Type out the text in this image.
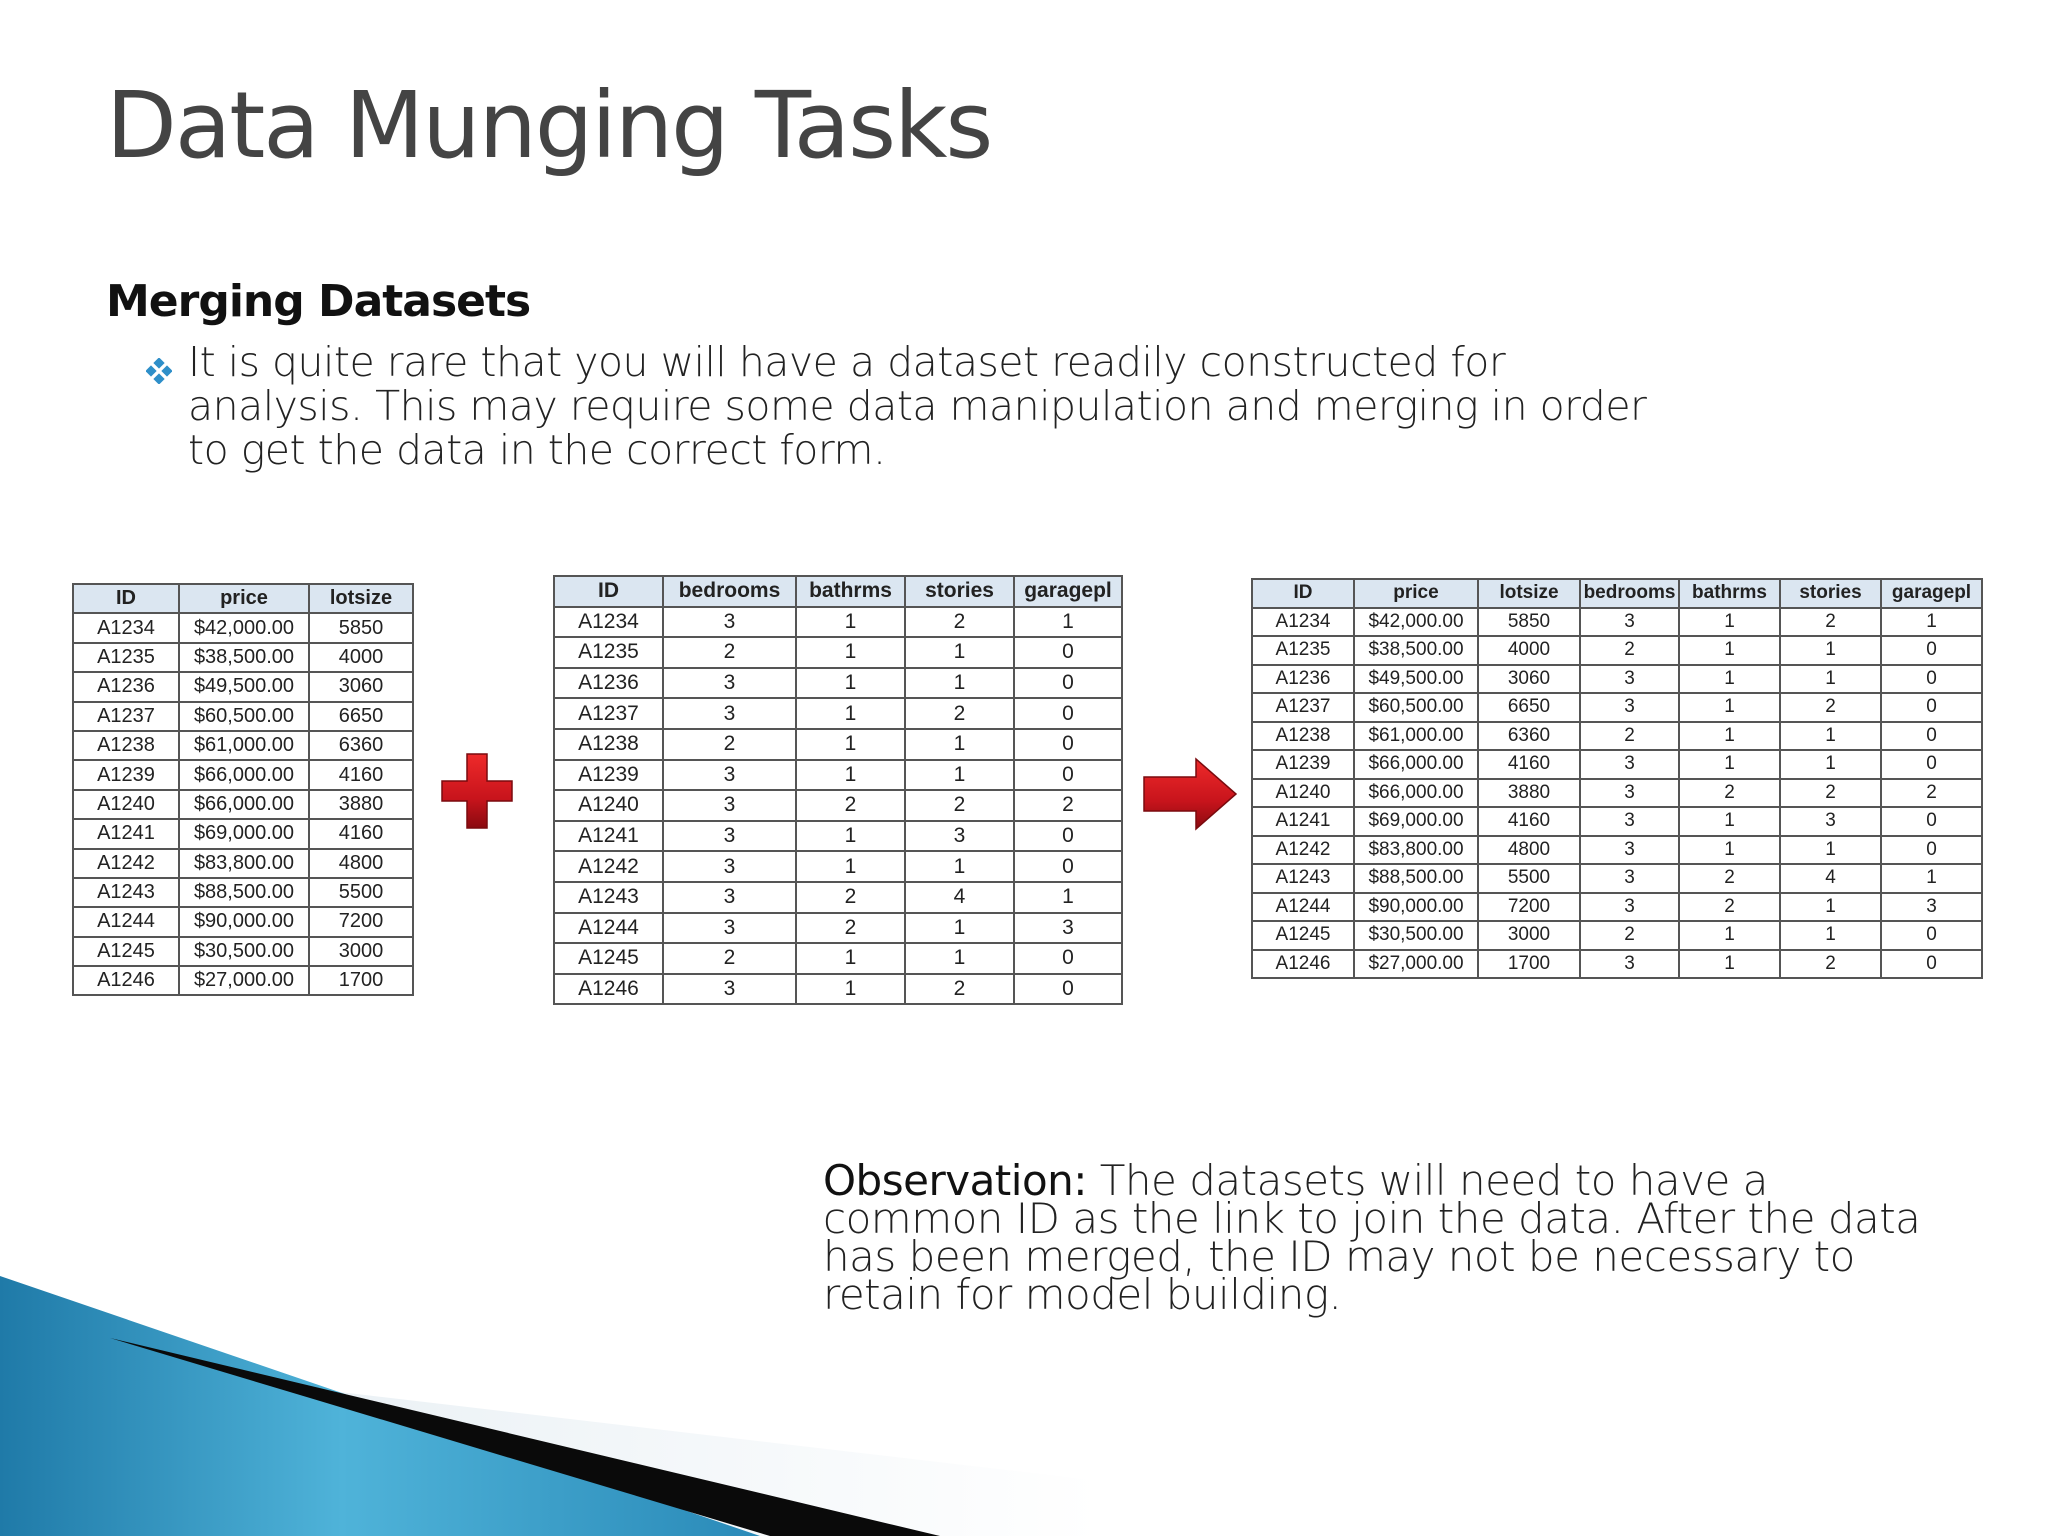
Data Munging Tasks
Merging Datasets

It is quite rare that you will have a dataset readily constructed for analysis. This may require some data manipulation and merging in order to get the data in the correct form.

ID	price	lotsize
A1234	$42,000.00	5850
A1235	$38,500.00	4000
A1236	$49,500.00	3060
A1237	$60,500.00	6650
A1238	$61,000.00	6360
A1239	$66,000.00	4160
A1240	$66,000.00	3880
A1241	$69,000.00	4160
A1242	$83,800.00	4800
A1243	$88,500.00	5500
A1244	$90,000.00	7200
A1245	$30,500.00	3000
A1246	$27,000.00	1700
ID	bedrooms	bathrms	stories	garagepl
A1234	3	1	2	1
A1235	2	1	1	0
A1236	3	1	1	0
A1237	3	1	2	0
A1238	2	1	1	0
A1239	3	1	1	0
A1240	3	2	2	2
A1241	3	1	3	0
A1242	3	1	1	0
A1243	3	2	4	1
A1244	3	2	1	3
A1245	2	1	1	0
A1246	3	1	2	0
ID	price	lotsize	bedrooms	bathrms	stories	garagepl
A1234	$42,000.00	5850	3	1	2	1
A1235	$38,500.00	4000	2	1	1	0
A1236	$49,500.00	3060	3	1	1	0
A1237	$60,500.00	6650	3	1	2	0
A1238	$61,000.00	6360	2	1	1	0
A1239	$66,000.00	4160	3	1	1	0
A1240	$66,000.00	3880	3	2	2	2
A1241	$69,000.00	4160	3	1	3	0
A1242	$83,800.00	4800	3	1	1	0
A1243	$88,500.00	5500	3	2	4	1
A1244	$90,000.00	7200	3	2	1	3
A1245	$30,500.00	3000	2	1	1	0
A1246	$27,000.00	1700	3	1	2	0

Observation: The datasets will need to have a common ID as the link to join the data. After the data has been merged, the ID may not be necessary to retain for model building.
